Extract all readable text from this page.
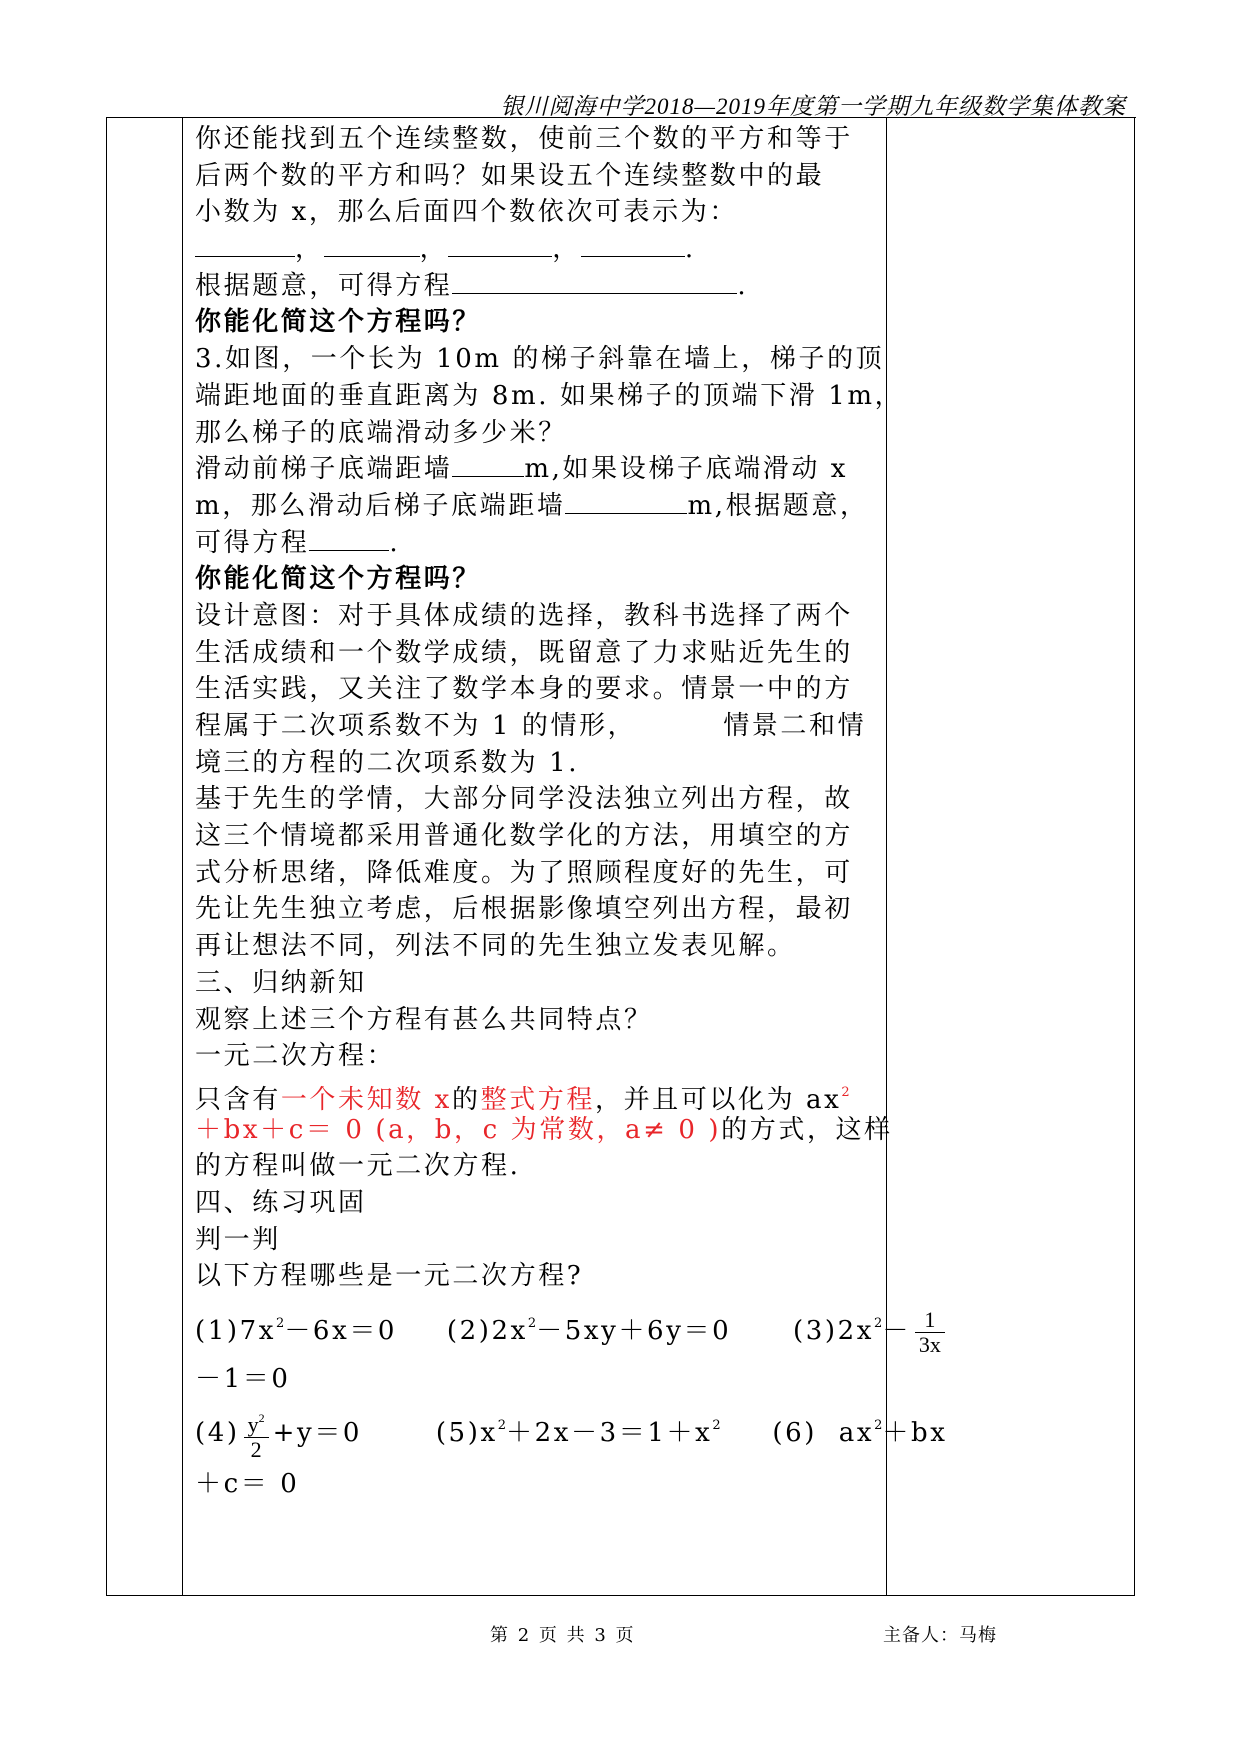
银川阅海中学2018—2019年度第一学期九年级数学集体教案
你还能找到五个连续整数，使前三个数的平方和等于
后两个数的平方和吗？如果设五个连续整数中的最
小数为 x，那么后面四个数依次可表示为：
，	，	，	.
根据题意，可得方程	.
你能化简这个方程吗？
3.如图，一个长为 10m 的梯子斜靠在墙上，梯子的顶
端距地面的垂直距离为 8m. 如果梯子的顶端下滑 1m，
那么梯子的底端滑动多少米？
滑动前梯子底端距墙	m,如果设梯子底端滑动 x
m，那么滑动后梯子底端距墙	m,根据题意，
可得方程	.
你能化简这个方程吗？
设计意图：对于具体成绩的选择，教科书选择了两个
生活成绩和一个数学成绩，既留意了力求贴近先生的
生活实践，又关注了数学本身的要求。情景一中的方
程属于二次项系数不为 1 的情形，        情景二和情
境三的方程的二次项系数为 1.
基于先生的学情，大部分同学没法独立列出方程，故
这三个情境都采用普通化数学化的方法，用填空的方
式分析思绪，降低难度。为了照顾程度好的先生，可
先让先生独立考虑，后根据影像填空列出方程，最初
再让想法不同，列法不同的先生独立发表见解。
三、归纳新知
观察上述三个方程有甚么共同特点？
一元二次方程：
只含有一个未知数 x的整式方程，并且可以化为 $ax^2$
＋bx＋c＝ 0 (a，b，c 为常数，a≠ 0 )的方式，这样
的方程叫做一元二次方程.
四、练习巩固
判一判
以下方程哪些是一元二次方程?
$(1)7x^2-6x=0$ $(2)2x^2-5xy+6y=0$ $(3)2x^2- \frac{1}{3x}$
－1＝0
$(4) \frac{y^2}{2} +y=0$	$(5)x^2+2x-3=1+x^2$ (6)  $ax^2+bx$
＋c＝ 0
第 2 页 共 3 页	主备人：马梅
